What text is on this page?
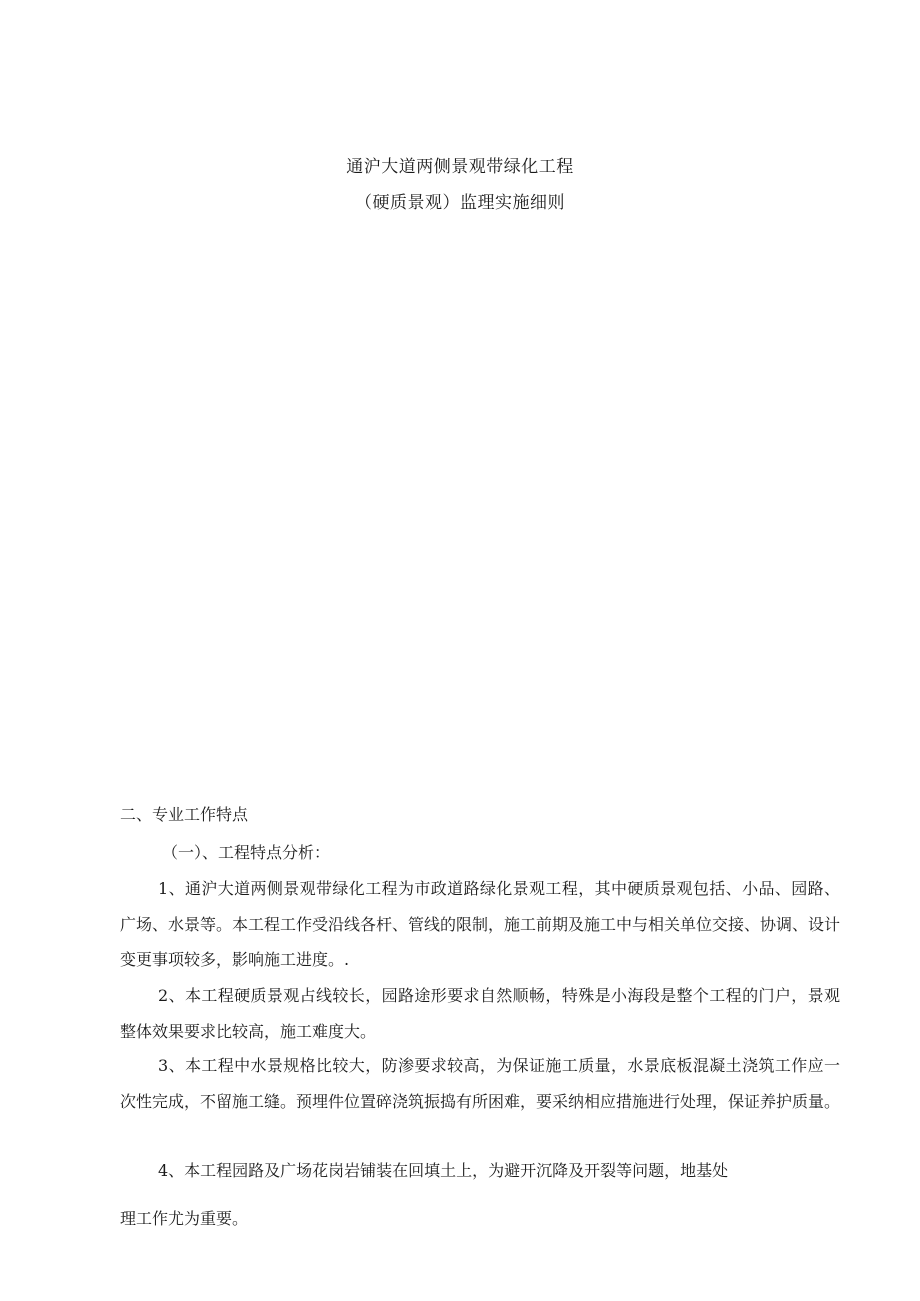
通沪大道两侧景观带绿化工程
（硬质景观）监理实施细则
二、专业工作特点
（一）、工程特点分析：

1、通沪大道两侧景观带绿化工程为市政道路绿化景观工程，其中硬质景观包括、小品、园路、广场、水景等。本工程工作受沿线各杆、管线的限制，施工前期及施工中与相关单位交接、协调、设计变更事项较多，影响施工进度。.

2、本工程硬质景观占线较长，园路途形要求自然顺畅，特殊是小海段是整个工程的门户，景观整体效果要求比较高，施工难度大。

3、本工程中水景规格比较大，防渗要求较高，为保证施工质量，水景底板混凝土浇筑工作应一次性完成，不留施工缝。预埋件位置碎浇筑振捣有所困难，要采纳相应措施进行处理，保证养护质量。

4、本工程园路及广场花岗岩铺装在回填土上，为避开沉降及开裂等问题，地基处

理工作尤为重要。
